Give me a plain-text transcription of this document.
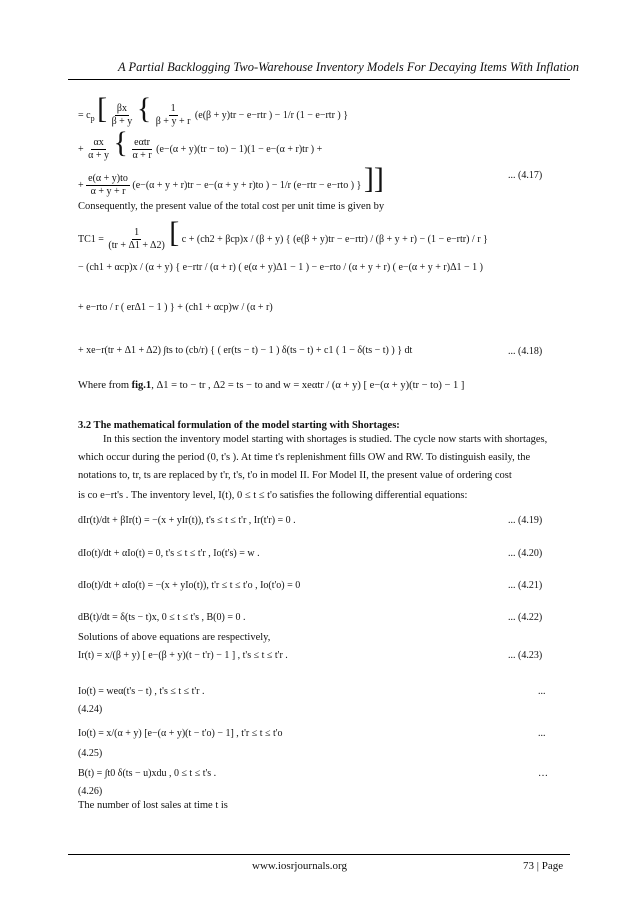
A Partial Backlogging Two-Warehouse Inventory Models For Decaying Items With Inflation
= $c_p$ [ $\frac{\beta x}{\beta + y}$ { $\frac{1}{\beta + y + r} (e(\beta + y)tr - e-rtr$ ) − 1/r (1 − e−rtr ) }
+ $\frac{\alpha x}{\alpha + y}$ { $\frac{\text{eαtr}}{\alpha + r} (e-(\alpha + y)(tr - to) - 1)(1 - e-(\alpha + r)tr$ ) +
+ $\frac{e(\alpha + y)to}{\alpha + y + r} (e-(\alpha + y + r)tr - e-(\alpha + y + r)to$ ) − 1/r (e−rtr − e−rto ) } ]]	... (4.17)
Consequently, the present value of the total cost per unit time is given by
$TC1 = \frac{1}{(tr + \Delta 1 + \Delta 2)}$ [ c + (ch2 + βcp)x / (β + y) { (e(β + y)tr − e−rtr) / (β + y + r) − (1 − e−rtr) / r }
− (ch1 + αcp)x / (α + y) { e−rtr / (α + r) ( e(α + y)Δ1 − 1 ) − e−rto / (α + y + r) ( e−(α + y + r)Δ1 − 1 )
+ e−rto / r ( erΔ1 − 1 ) } + (ch1 + αcp)w / (α + r)
+ xe−r(tr + Δ1 + Δ2) ∫ts to (cb/r) { ( er(ts − t) − 1 ) δ(ts − t) + c1 ( 1 − δ(ts − t) ) } dt	... (4.18)
Where from fig.1, Δ1 = to − tr , Δ2 = ts − to and w = xeαtr / (α + y) [ e−(α + y)(tr − to) − 1 ]
3.2 The mathematical formulation of the model starting with Shortages:
In this section the inventory model starting with shortages is studied. The cycle now starts with shortages,
which occur during the period (0, t's ). At time t's replenishment fills OW and RW. To distinguish easily, the
notations to, tr, ts are replaced by t'r, t's, t'o in model II. For Model II, the present value of ordering cost
is co e−rt's . The inventory level, I(t), 0 ≤ t ≤ t'o satisfies the following differential equations:
dIr(t)/dt + βIr(t) = −(x + yIr(t)), t's ≤ t ≤ t'r , Ir(t'r) = 0 .	... (4.19)
dIo(t)/dt + αIo(t) = 0, t's ≤ t ≤ t'r , Io(t's) = w .	... (4.20)
dIo(t)/dt + αIo(t) = −(x + yIo(t)), t'r ≤ t ≤ t'o , Io(t'o) = 0	... (4.21)
dB(t)/dt = δ(ts − t)x, 0 ≤ t ≤ t's , B(0) = 0 .	... (4.22)
Solutions of above equations are respectively,
Ir(t) = x/(β + y) [ e−(β + y)(t − t'r) − 1 ] , t's ≤ t ≤ t'r .	... (4.23)
Io(t) = weα(t's − t) , t's ≤ t ≤ t'r .	...
(4.24)
Io(t) = x/(α + y) [e−(α + y)(t − t'o) − 1] , t'r ≤ t ≤ t'o	...
(4.25)
B(t) = ∫t0 δ(ts − u)xdu , 0 ≤ t ≤ t's .	…
(4.26)
The number of lost sales at time t is
www.iosrjournals.org	73 | Page
